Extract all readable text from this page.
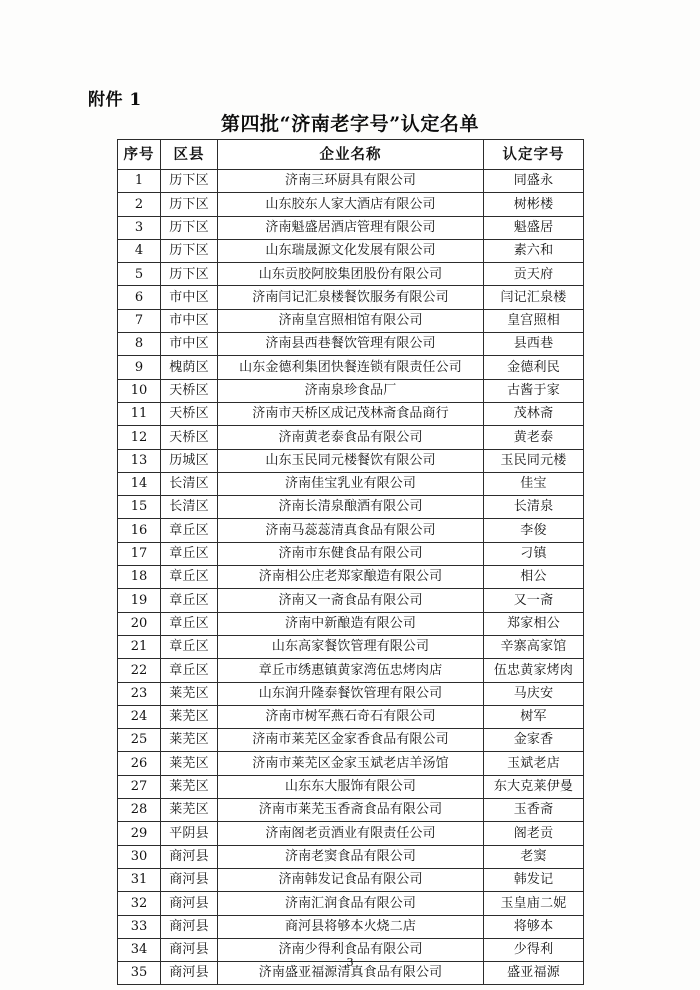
附件 1
第四批“济南老字号”认定名单
序号	区县	企业名称	认定字号
1	历下区	济南三环厨具有限公司	同盛永
2	历下区	山东胶东人家大酒店有限公司	树彬楼
3	历下区	济南魁盛居酒店管理有限公司	魁盛居
4	历下区	山东瑞晟源文化发展有限公司	素六和
5	历下区	山东贡胶阿胶集团股份有限公司	贡天府
6	市中区	济南闫记汇泉楼餐饮服务有限公司	闫记汇泉楼
7	市中区	济南皇宫照相馆有限公司	皇宫照相
8	市中区	济南县西巷餐饮管理有限公司	县西巷
9	槐荫区	山东金德利集团快餐连锁有限责任公司	金德利民
10	天桥区	济南泉珍食品厂	古酱于家
11	天桥区	济南市天桥区成记茂林斋食品商行	茂林斋
12	天桥区	济南黄老泰食品有限公司	黄老泰
13	历城区	山东玉民同元楼餐饮有限公司	玉民同元楼
14	长清区	济南佳宝乳业有限公司	佳宝
15	长清区	济南长清泉酿酒有限公司	长清泉
16	章丘区	济南马蕊蕊清真食品有限公司	李俊
17	章丘区	济南市东健食品有限公司	刁镇
18	章丘区	济南相公庄老郑家酿造有限公司	相公
19	章丘区	济南又一斋食品有限公司	又一斋
20	章丘区	济南中新酿造有限公司	郑家相公
21	章丘区	山东高家餐饮管理有限公司	辛寨高家馆
22	章丘区	章丘市绣惠镇黄家湾伍忠烤肉店	伍忠黄家烤肉
23	莱芜区	山东润升隆泰餐饮管理有限公司	马庆安
24	莱芜区	济南市树军燕石奇石有限公司	树军
25	莱芜区	济南市莱芜区金家香食品有限公司	金家香
26	莱芜区	济南市莱芜区金家玉斌老店羊汤馆	玉斌老店
27	莱芜区	山东东大服饰有限公司	东大克莱伊曼
28	莱芜区	济南市莱芜玉香斋食品有限公司	玉香斋
29	平阴县	济南阁老贡酒业有限责任公司	阁老贡
30	商河县	济南老窦食品有限公司	老窦
31	商河县	济南韩发记食品有限公司	韩发记
32	商河县	济南汇润食品有限公司	玉皇庙二妮
33	商河县	商河县将够本火烧二店	将够本
34	商河县	济南少得利食品有限公司	少得利
35	商河县	济南盛亚福源清真食品有限公司	盛亚福源
3
